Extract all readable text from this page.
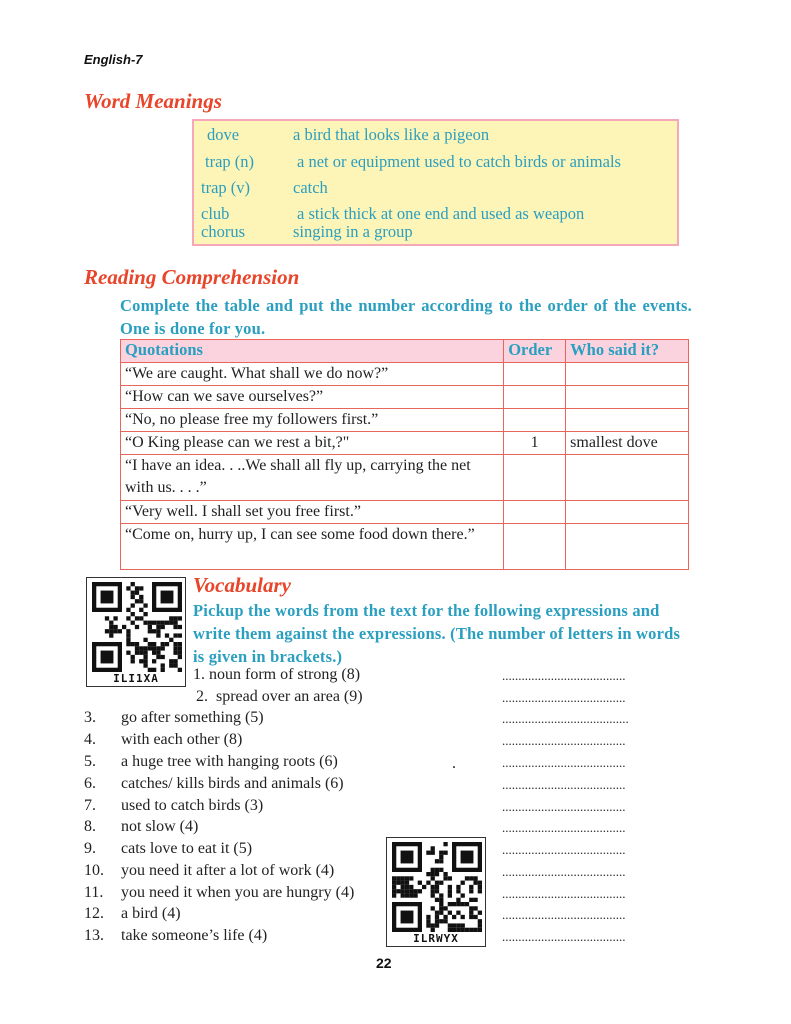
English-7
Word Meanings
dove	a bird that looks like a pigeon
trap (n)	a net or equipment used to catch birds or animals
trap (v)	catch
club	a stick thick at one end and used as weapon
chorus	singing in a group
Reading Comprehension
Complete the table and put the number according to the order of the events. One is done for you.
Quotations	Order	Who said it?
“We are caught. What shall we do now?”		
“How can we save ourselves?”		
“No, no please free my followers first.”		
“O King please can we rest a bit,?"	1	smallest dove
“I have an idea. . ..We shall all fly up, carrying the net with us. . . .”		
“Very well. I shall set you free first.”		
“Come on, hurry up, I can see some food down there.”		
ILI1XA
Vocabulary
Pickup the words from the text for the following expressions and write them against the expressions. (The number of letters in words is given in brackets.)
ILRWYX
1. noun form of strong (8)	......................................
2. spread over an area (9)	......................................
3. go after something (5)	.......................................
4. with each other (8)	......................................
5. a huge tree with hanging roots (6)	......................................
6. catches/ kills birds and animals (6)	......................................
7. used to catch birds (3)	......................................
8. not slow (4)	......................................
9. cats love to eat it (5)	......................................
10. you need it after a lot of work (4)	......................................
11. you need it when you are hungry (4)	......................................
12. a bird (4)	......................................
13. take someone’s life (4)	......................................
.
22
